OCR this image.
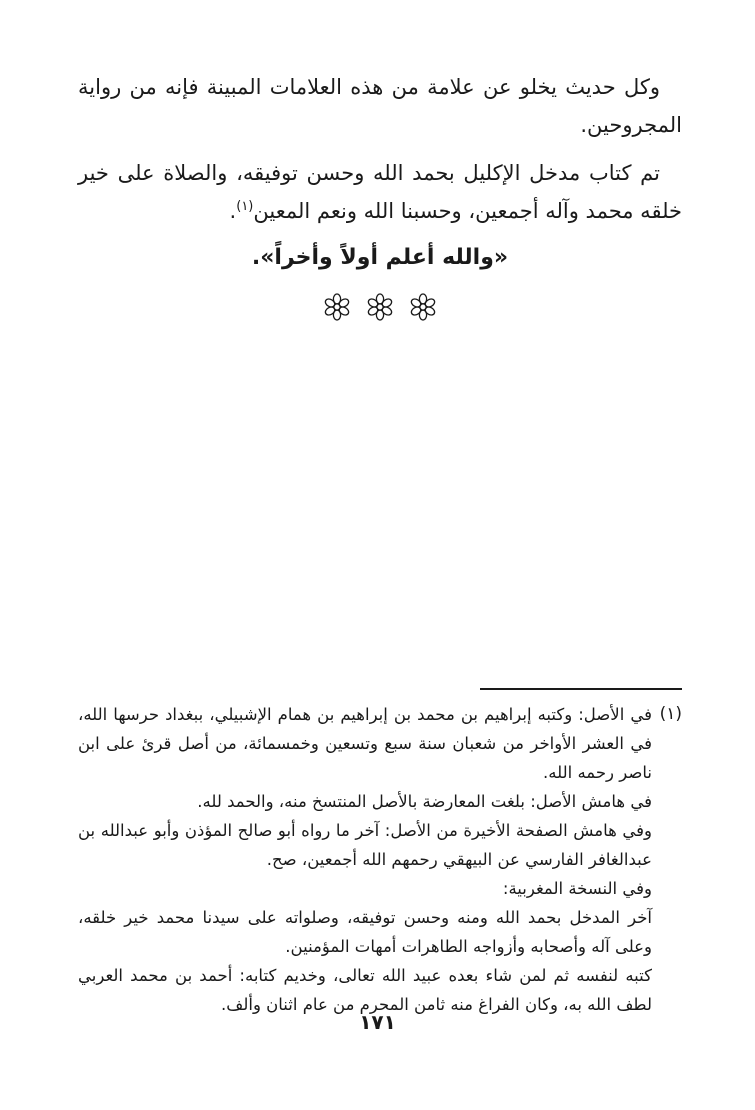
وكل حديث يخلو عن علامة من هذه العلامات المبينة فإنه من رواية المجروحين.

تم كتاب مدخل الإكليل بحمد الله وحسن توفيقه، والصلاة على خير خلقه محمد وآله أجمعين، وحسبنا الله ونعم المعين$^{(١)}$.

«والله أعلم أولاً وأخراً».

(١)

في الأصل: وكتبه إبراهيم بن محمد بن إبراهيم بن همام الإشبيلي، ببغداد حرسها الله، في العشر الأواخر من شعبان سنة سبع وتسعين وخمسمائة، من أصل قرئ على ابن ناصر رحمه الله.

في هامش الأصل: بلغت المعارضة بالأصل المنتسخ منه، والحمد لله.

وفي هامش الصفحة الأخيرة من الأصل: آخر ما رواه أبو صالح المؤذن وأبو عبدالله بن عبدالغافر الفارسي عن البيهقي رحمهم الله أجمعين، صح.

وفي النسخة المغربية:

آخر المدخل بحمد الله ومنه وحسن توفيقه، وصلواته على سيدنا محمد خير خلقه، وعلى آله وأصحابه وأزواجه الطاهرات أمهات المؤمنين.

كتبه لنفسه ثم لمن شاء بعده عبيد الله تعالى، وخديم كتابه: أحمد بن محمد العربي لطف الله به، وكان الفراغ منه ثامن المحرم من عام اثنان وألف.

١٧١
